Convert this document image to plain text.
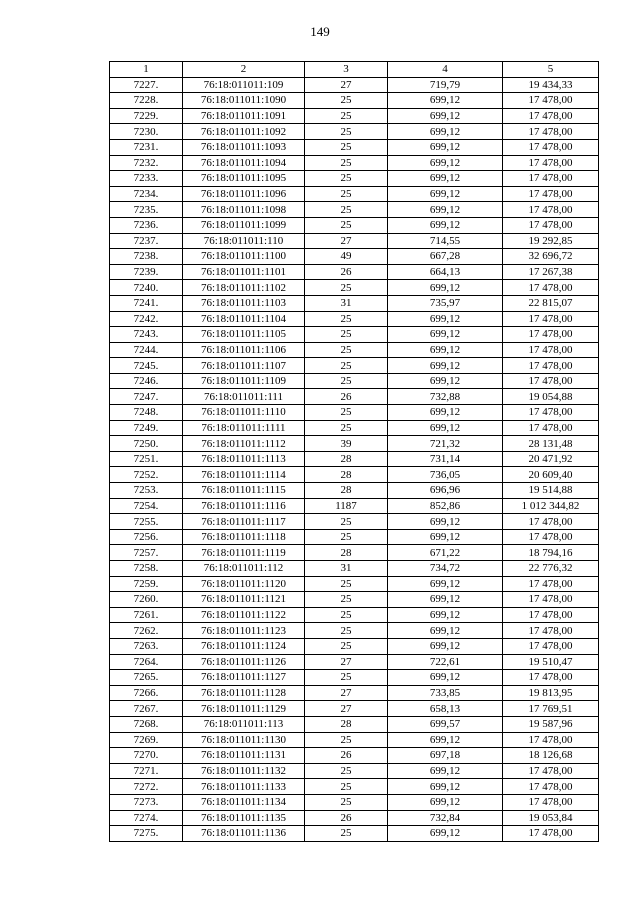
149
1	2	3	4	5
7227.	76:18:011011:109	27	719,79	19 434,33
7228.	76:18:011011:1090	25	699,12	17 478,00
7229.	76:18:011011:1091	25	699,12	17 478,00
7230.	76:18:011011:1092	25	699,12	17 478,00
7231.	76:18:011011:1093	25	699,12	17 478,00
7232.	76:18:011011:1094	25	699,12	17 478,00
7233.	76:18:011011:1095	25	699,12	17 478,00
7234.	76:18:011011:1096	25	699,12	17 478,00
7235.	76:18:011011:1098	25	699,12	17 478,00
7236.	76:18:011011:1099	25	699,12	17 478,00
7237.	76:18:011011:110	27	714,55	19 292,85
7238.	76:18:011011:1100	49	667,28	32 696,72
7239.	76:18:011011:1101	26	664,13	17 267,38
7240.	76:18:011011:1102	25	699,12	17 478,00
7241.	76:18:011011:1103	31	735,97	22 815,07
7242.	76:18:011011:1104	25	699,12	17 478,00
7243.	76:18:011011:1105	25	699,12	17 478,00
7244.	76:18:011011:1106	25	699,12	17 478,00
7245.	76:18:011011:1107	25	699,12	17 478,00
7246.	76:18:011011:1109	25	699,12	17 478,00
7247.	76:18:011011:111	26	732,88	19 054,88
7248.	76:18:011011:1110	25	699,12	17 478,00
7249.	76:18:011011:1111	25	699,12	17 478,00
7250.	76:18:011011:1112	39	721,32	28 131,48
7251.	76:18:011011:1113	28	731,14	20 471,92
7252.	76:18:011011:1114	28	736,05	20 609,40
7253.	76:18:011011:1115	28	696,96	19 514,88
7254.	76:18:011011:1116	1187	852,86	1 012 344,82
7255.	76:18:011011:1117	25	699,12	17 478,00
7256.	76:18:011011:1118	25	699,12	17 478,00
7257.	76:18:011011:1119	28	671,22	18 794,16
7258.	76:18:011011:112	31	734,72	22 776,32
7259.	76:18:011011:1120	25	699,12	17 478,00
7260.	76:18:011011:1121	25	699,12	17 478,00
7261.	76:18:011011:1122	25	699,12	17 478,00
7262.	76:18:011011:1123	25	699,12	17 478,00
7263.	76:18:011011:1124	25	699,12	17 478,00
7264.	76:18:011011:1126	27	722,61	19 510,47
7265.	76:18:011011:1127	25	699,12	17 478,00
7266.	76:18:011011:1128	27	733,85	19 813,95
7267.	76:18:011011:1129	27	658,13	17 769,51
7268.	76:18:011011:113	28	699,57	19 587,96
7269.	76:18:011011:1130	25	699,12	17 478,00
7270.	76:18:011011:1131	26	697,18	18 126,68
7271.	76:18:011011:1132	25	699,12	17 478,00
7272.	76:18:011011:1133	25	699,12	17 478,00
7273.	76:18:011011:1134	25	699,12	17 478,00
7274.	76:18:011011:1135	26	732,84	19 053,84
7275.	76:18:011011:1136	25	699,12	17 478,00
